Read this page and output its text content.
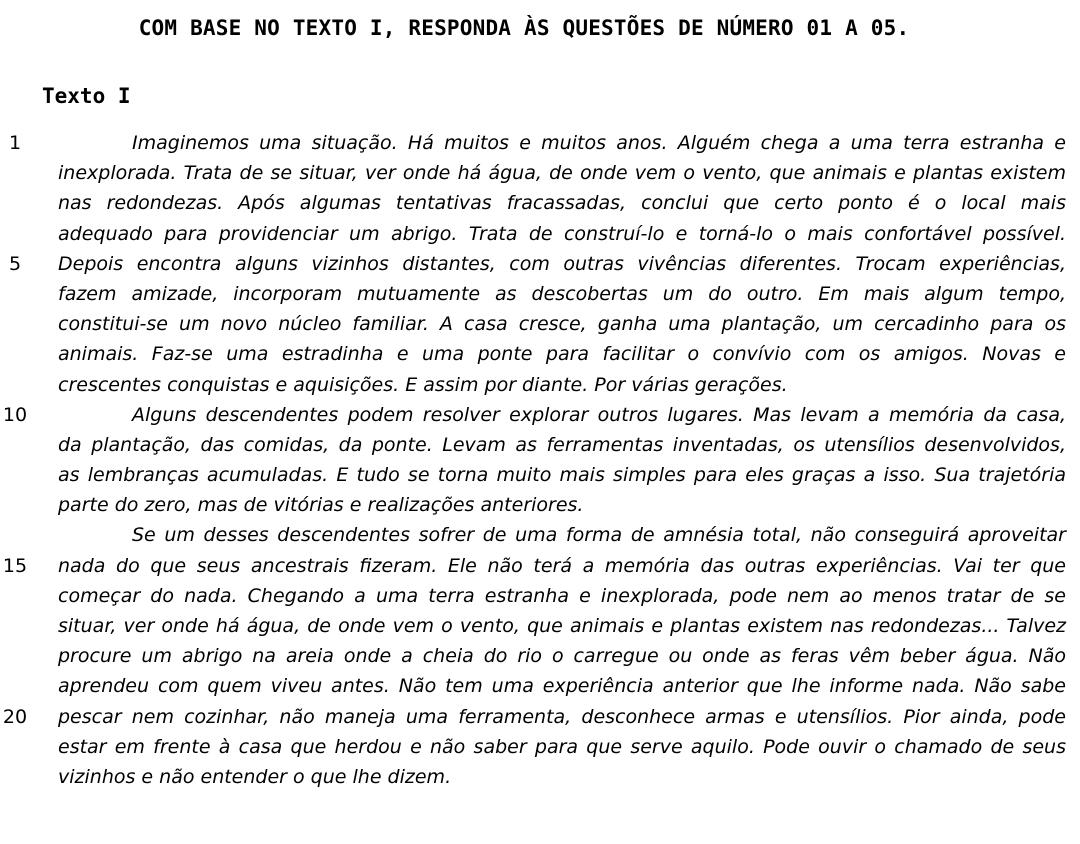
COM BASE NO TEXTO I, RESPONDA ÀS QUESTÕES DE NÚMERO 01 A 05.
Texto I
1
5
10
15
20
Imaginemos uma situação. Há muitos e muitos anos. Alguém chega a uma terra estranha e
inexplorada. Trata de se situar, ver onde há água, de onde vem o vento, que animais e plantas existem
nas redondezas. Após algumas tentativas fracassadas, conclui que certo ponto é o local mais
adequado para providenciar um abrigo. Trata de construí-lo e torná-lo o mais confortável possível.
Depois encontra alguns vizinhos distantes, com outras vivências diferentes. Trocam experiências,
fazem amizade, incorporam mutuamente as descobertas um do outro. Em mais algum tempo,
constitui-se um novo núcleo familiar. A casa cresce, ganha uma plantação, um cercadinho para os
animais. Faz-se uma estradinha e uma ponte para facilitar o convívio com os amigos. Novas e
crescentes conquistas e aquisições. E assim por diante. Por várias gerações.
Alguns descendentes podem resolver explorar outros lugares. Mas levam a memória da casa,
da plantação, das comidas, da ponte. Levam as ferramentas inventadas, os utensílios desenvolvidos,
as lembranças acumuladas. E tudo se torna muito mais simples para eles graças a isso. Sua trajetória
parte do zero, mas de vitórias e realizações anteriores.
Se um desses descendentes sofrer de uma forma de amnésia total, não conseguirá aproveitar
nada do que seus ancestrais fizeram. Ele não terá a memória das outras experiências. Vai ter que
começar do nada. Chegando a uma terra estranha e inexplorada, pode nem ao menos tratar de se
situar, ver onde há água, de onde vem o vento, que animais e plantas existem nas redondezas... Talvez
procure um abrigo na areia onde a cheia do rio o carregue ou onde as feras vêm beber água. Não
aprendeu com quem viveu antes. Não tem uma experiência anterior que lhe informe nada. Não sabe
pescar nem cozinhar, não maneja uma ferramenta, desconhece armas e utensílios. Pior ainda, pode
estar em frente à casa que herdou e não saber para que serve aquilo. Pode ouvir o chamado de seus
vizinhos e não entender o que lhe dizem.
